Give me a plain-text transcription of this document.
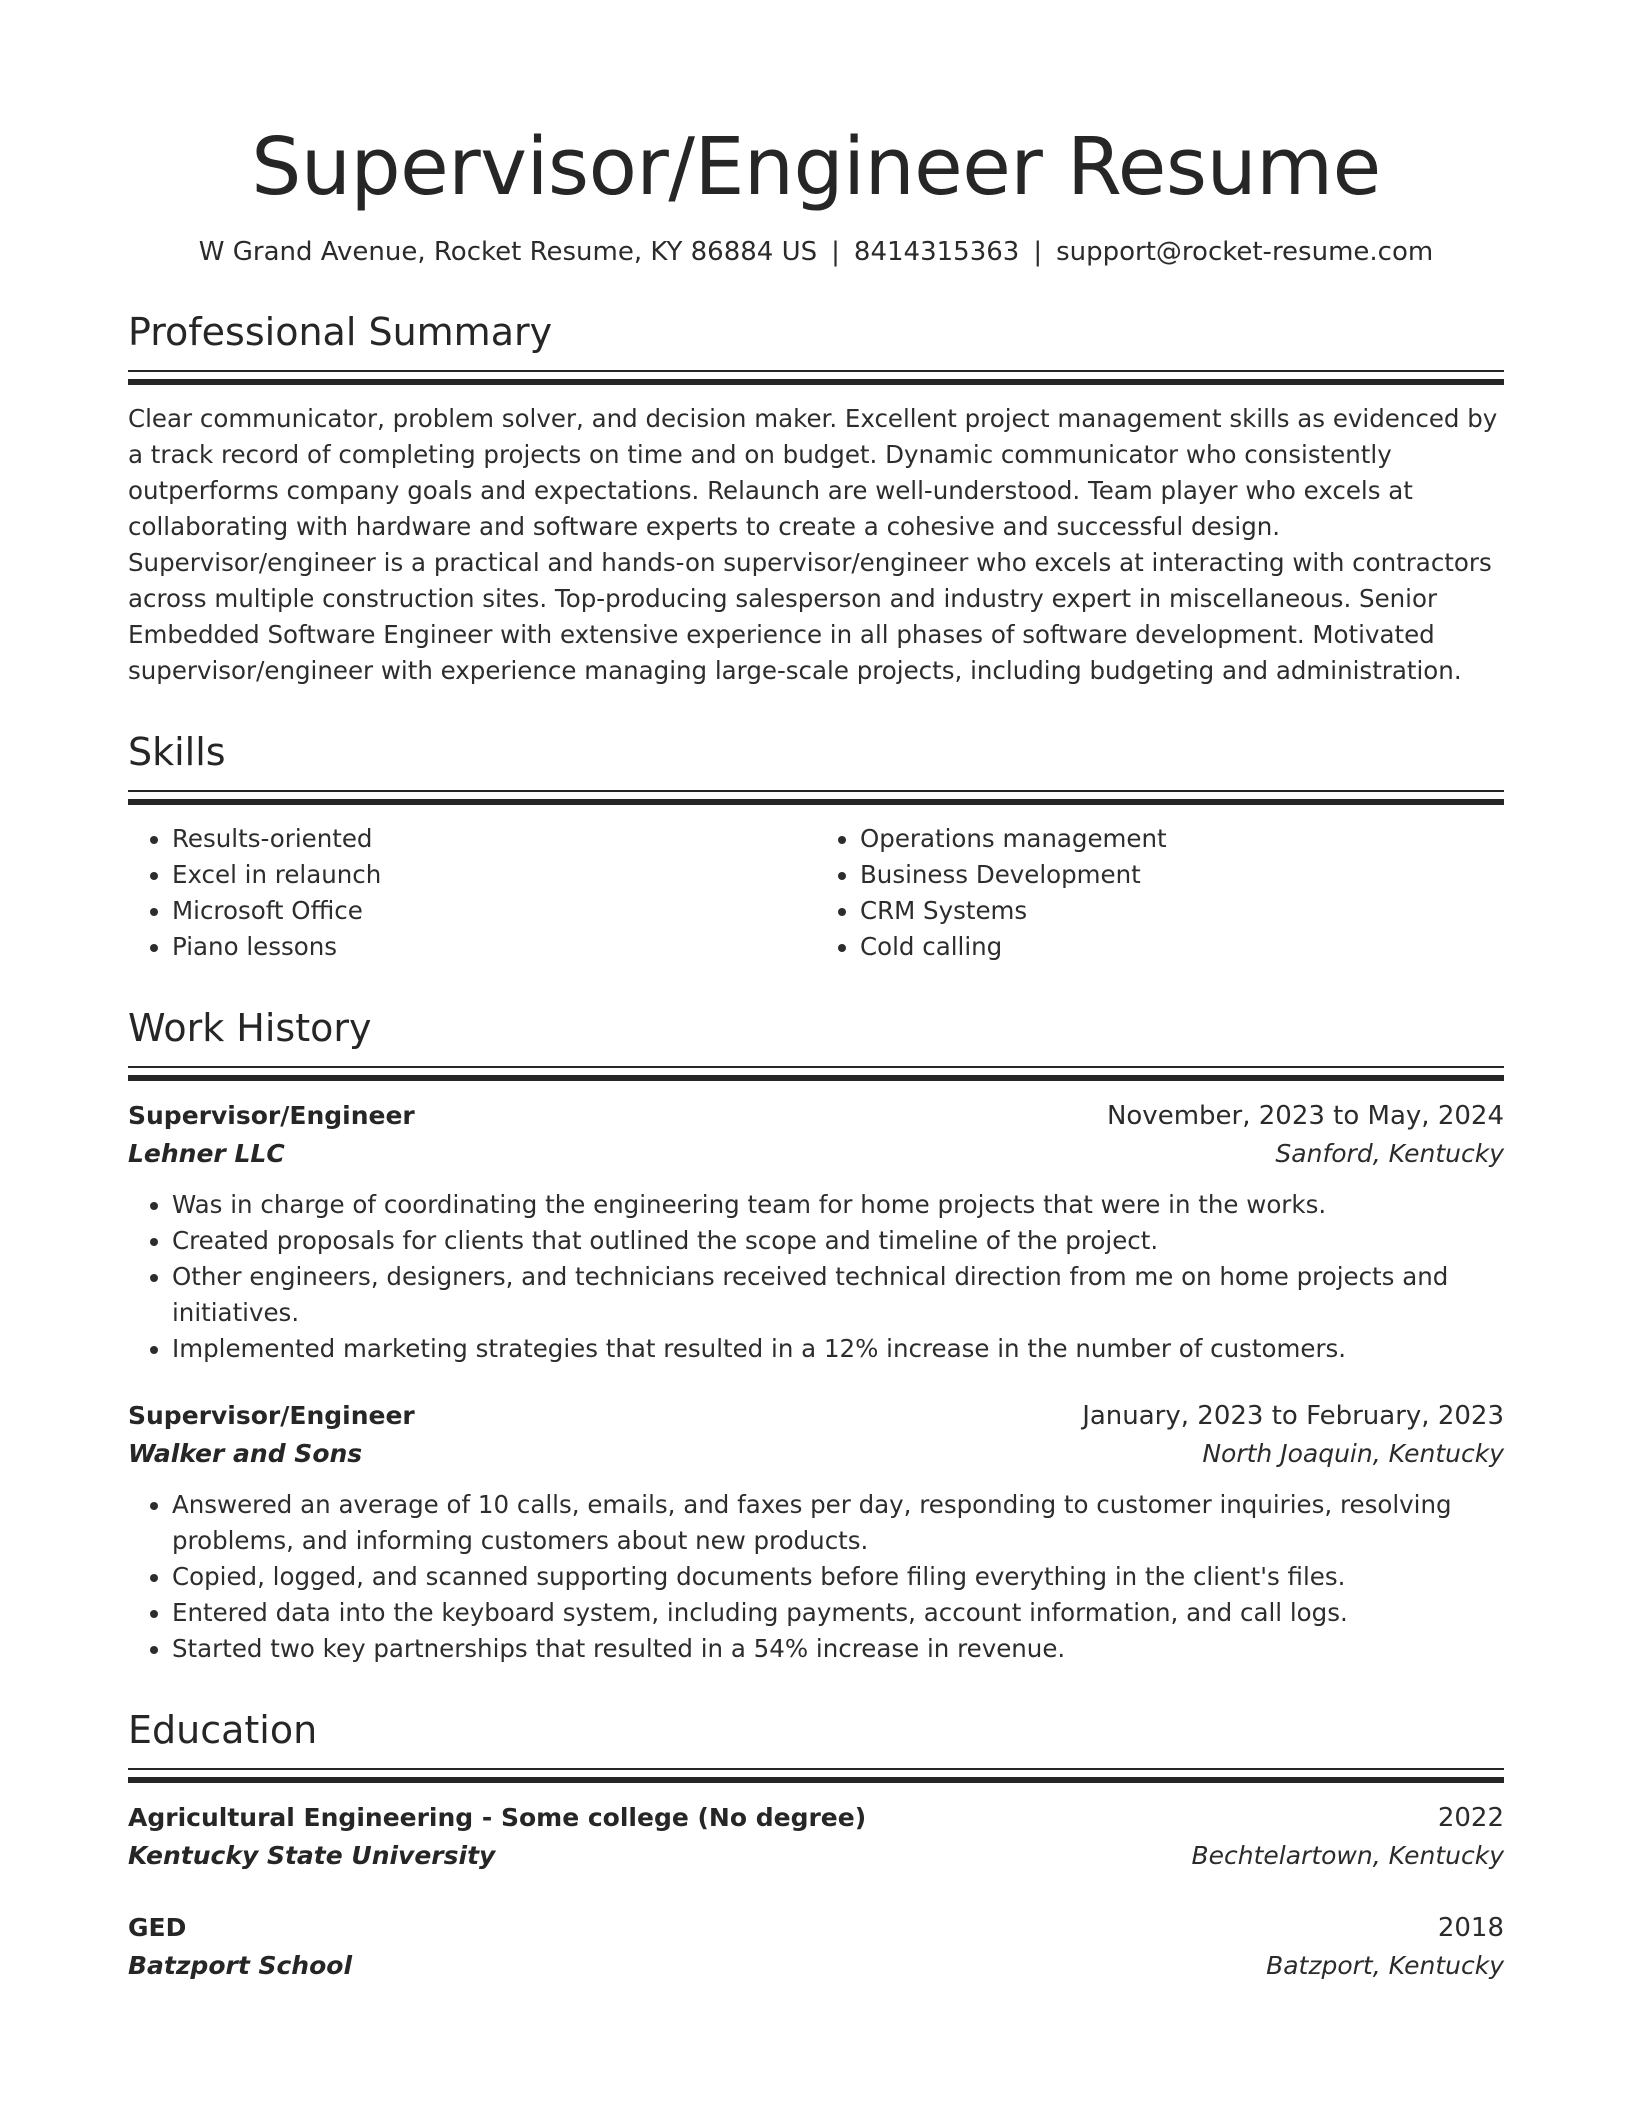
Supervisor/Engineer Resume
W Grand Avenue, Rocket Resume, KY 86884 US | 8414315363 | support@rocket-resume.com
Professional Summary

Clear communicator, problem solver, and decision maker. Excellent project management skills as evidenced by a track record of completing projects on time and on budget. Dynamic communicator who consistently outperforms company goals and expectations. Relaunch are well-understood. Team player who excels at collaborating with hardware and software experts to create a cohesive and successful design. Supervisor/engineer is a practical and hands-on supervisor/engineer who excels at interacting with contractors across multiple construction sites. Top-producing salesperson and industry expert in miscellaneous. Senior Embedded Software Engineer with extensive experience in all phases of software development. Motivated supervisor/engineer with experience managing large-scale projects, including budgeting and administration.

Skills
• Results-oriented
• Excel in relaunch
• Microsoft Office
• Piano lessons
• Operations management
• Business Development
• CRM Systems
• Cold calling
Work History
Supervisor/Engineer	November, 2023 to May, 2024
Lehner LLC	Sanford, Kentucky
• Was in charge of coordinating the engineering team for home projects that were in the works.
• Created proposals for clients that outlined the scope and timeline of the project.
• Other engineers, designers, and technicians received technical direction from me on home projects and initiatives.
• Implemented marketing strategies that resulted in a 12% increase in the number of customers.
Supervisor/Engineer	January, 2023 to February, 2023
Walker and Sons	North Joaquin, Kentucky
• Answered an average of 10 calls, emails, and faxes per day, responding to customer inquiries, resolving problems, and informing customers about new products.
• Copied, logged, and scanned supporting documents before filing everything in the client's files.
• Entered data into the keyboard system, including payments, account information, and call logs.
• Started two key partnerships that resulted in a 54% increase in revenue.
Education
Agricultural Engineering - Some college (No degree)	2022
Kentucky State University	Bechtelartown, Kentucky
GED	2018
Batzport School	Batzport, Kentucky
